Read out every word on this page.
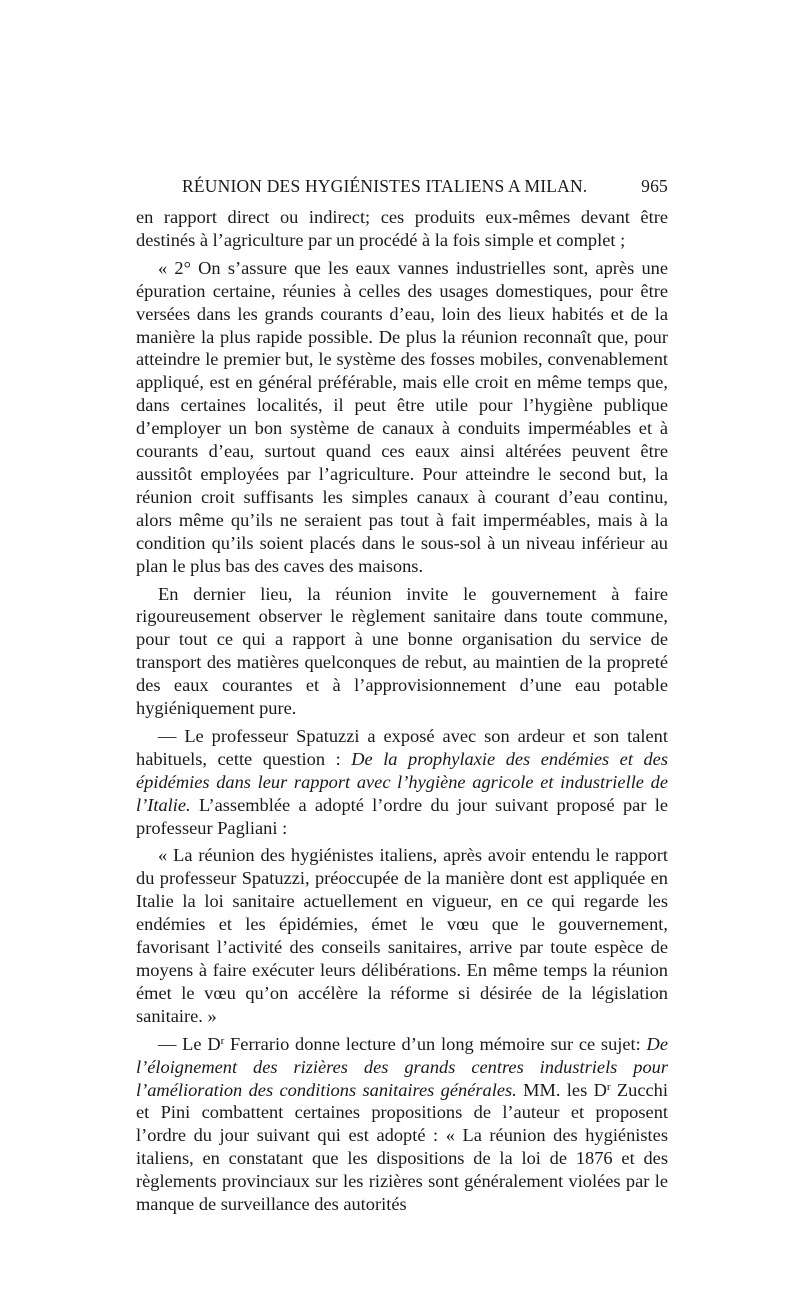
RÉUNION DES HYGIÉNISTES ITALIENS A MILAN.	965

en rapport direct ou indirect; ces produits eux-mêmes devant être destinés à l’agriculture par un procédé à la fois simple et complet ;

« 2° On s’assure que les eaux vannes industrielles sont, après une épuration certaine, réunies à celles des usages domestiques, pour être versées dans les grands courants d’eau, loin des lieux habités et de la manière la plus rapide possible. De plus la réunion reconnaît que, pour atteindre le premier but, le système des fosses mobiles, convenablement appliqué, est en général préférable, mais elle croit en même temps que, dans certaines localités, il peut être utile pour l’hygiène publique d’employer un bon système de canaux à conduits imperméables et à courants d’eau, surtout quand ces eaux ainsi altérées peuvent être aussitôt employées par l’agriculture. Pour atteindre le second but, la réunion croit suffisants les simples canaux à courant d’eau continu, alors même qu’ils ne seraient pas tout à fait imperméables, mais à la condition qu’ils soient placés dans le sous-sol à un niveau inférieur au plan le plus bas des caves des maisons.

En dernier lieu, la réunion invite le gouvernement à faire rigoureusement observer le règlement sanitaire dans toute commune, pour tout ce qui a rapport à une bonne organisation du service de transport des matières quelconques de rebut, au maintien de la propreté des eaux courantes et à l’approvisionnement d’une eau potable hygiéniquement pure.

— Le professeur Spatuzzi a exposé avec son ardeur et son talent habituels, cette question : De la prophylaxie des endémies et des épidémies dans leur rapport avec l’hygiène agricole et industrielle de l’Italie. L’assemblée a adopté l’ordre du jour suivant proposé par le professeur Pagliani :

« La réunion des hygiénistes italiens, après avoir entendu le rapport du professeur Spatuzzi, préoccupée de la manière dont est appliquée en Italie la loi sanitaire actuellement en vigueur, en ce qui regarde les endémies et les épidémies, émet le vœu que le gouvernement, favorisant l’activité des conseils sanitaires, arrive par toute espèce de moyens à faire exécuter leurs délibérations. En même temps la réunion émet le vœu qu’on accélère la réforme si désirée de la législation sanitaire. »

— Le $D^r$ Ferrario donne lecture d’un long mémoire sur ce sujet: De l’éloignement des rizières des grands centres industriels pour l’amélioration des conditions sanitaires générales. MM. les $D^r$ Zucchi et Pini combattent certaines propositions de l’auteur et proposent l’ordre du jour suivant qui est adopté : « La réunion des hygiénistes italiens, en constatant que les dispositions de la loi de 1876 et des règlements provinciaux sur les rizières sont généralement violées par le manque de surveillance des autorités
